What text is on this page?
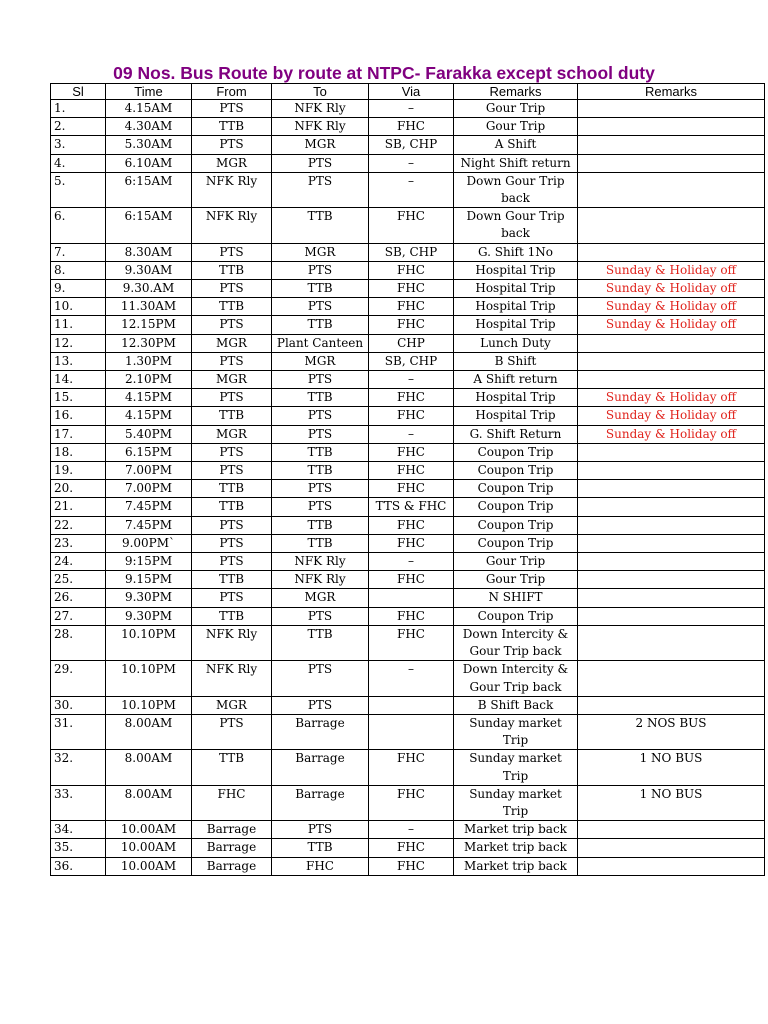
09 Nos. Bus Route by route at NTPC- Farakka except school duty
Sl	Time	From	To	Via	Remarks	Remarks
1.	4.15AM	PTS	NFK Rly	–	Gour Trip	
2.	4.30AM	TTB	NFK Rly	FHC	Gour Trip	
3.	5.30AM	PTS	MGR	SB, CHP	A Shift	
4.	6.10AM	MGR	PTS	–	Night Shift return	
5.	6:15AM	NFK Rly	PTS	–	Down Gour Trip back	
6.	6:15AM	NFK Rly	TTB	FHC	Down Gour Trip back	
7.	8.30AM	PTS	MGR	SB, CHP	G. Shift 1No	
8.	9.30AM	TTB	PTS	FHC	Hospital Trip	Sunday & Holiday off
9.	9.30.AM	PTS	TTB	FHC	Hospital Trip	Sunday & Holiday off
10.	11.30AM	TTB	PTS	FHC	Hospital Trip	Sunday & Holiday off
11.	12.15PM	PTS	TTB	FHC	Hospital Trip	Sunday & Holiday off
12.	12.30PM	MGR	Plant Canteen	CHP	Lunch Duty	
13.	1.30PM	PTS	MGR	SB, CHP	B Shift	
14.	2.10PM	MGR	PTS	–	A Shift return	
15.	4.15PM	PTS	TTB	FHC	Hospital Trip	Sunday & Holiday off
16.	4.15PM	TTB	PTS	FHC	Hospital Trip	Sunday & Holiday off
17.	5.40PM	MGR	PTS	–	G. Shift Return	Sunday & Holiday off
18.	6.15PM	PTS	TTB	FHC	Coupon Trip	
19.	7.00PM	PTS	TTB	FHC	Coupon Trip	
20.	7.00PM	TTB	PTS	FHC	Coupon Trip	
21.	7.45PM	TTB	PTS	TTS & FHC	Coupon Trip	
22.	7.45PM	PTS	TTB	FHC	Coupon Trip	
23.	9.00PM`	PTS	TTB	FHC	Coupon Trip	
24.	9:15PM	PTS	NFK Rly	–	Gour Trip	
25.	9.15PM	TTB	NFK Rly	FHC	Gour Trip	
26.	9.30PM	PTS	MGR		N SHIFT	
27.	9.30PM	TTB	PTS	FHC	Coupon Trip	
28.	10.10PM	NFK Rly	TTB	FHC	Down Intercity & Gour Trip back	
29.	10.10PM	NFK Rly	PTS	–	Down Intercity & Gour Trip back	
30.	10.10PM	MGR	PTS		B Shift Back	
31.	8.00AM	PTS	Barrage		Sunday market Trip	2 NOS BUS
32.	8.00AM	TTB	Barrage	FHC	Sunday market Trip	1 NO BUS
33.	8.00AM	FHC	Barrage	FHC	Sunday market Trip	1 NO BUS
34.	10.00AM	Barrage	PTS	–	Market trip back	
35.	10.00AM	Barrage	TTB	FHC	Market trip back	
36.	10.00AM	Barrage	FHC	FHC	Market trip back	
